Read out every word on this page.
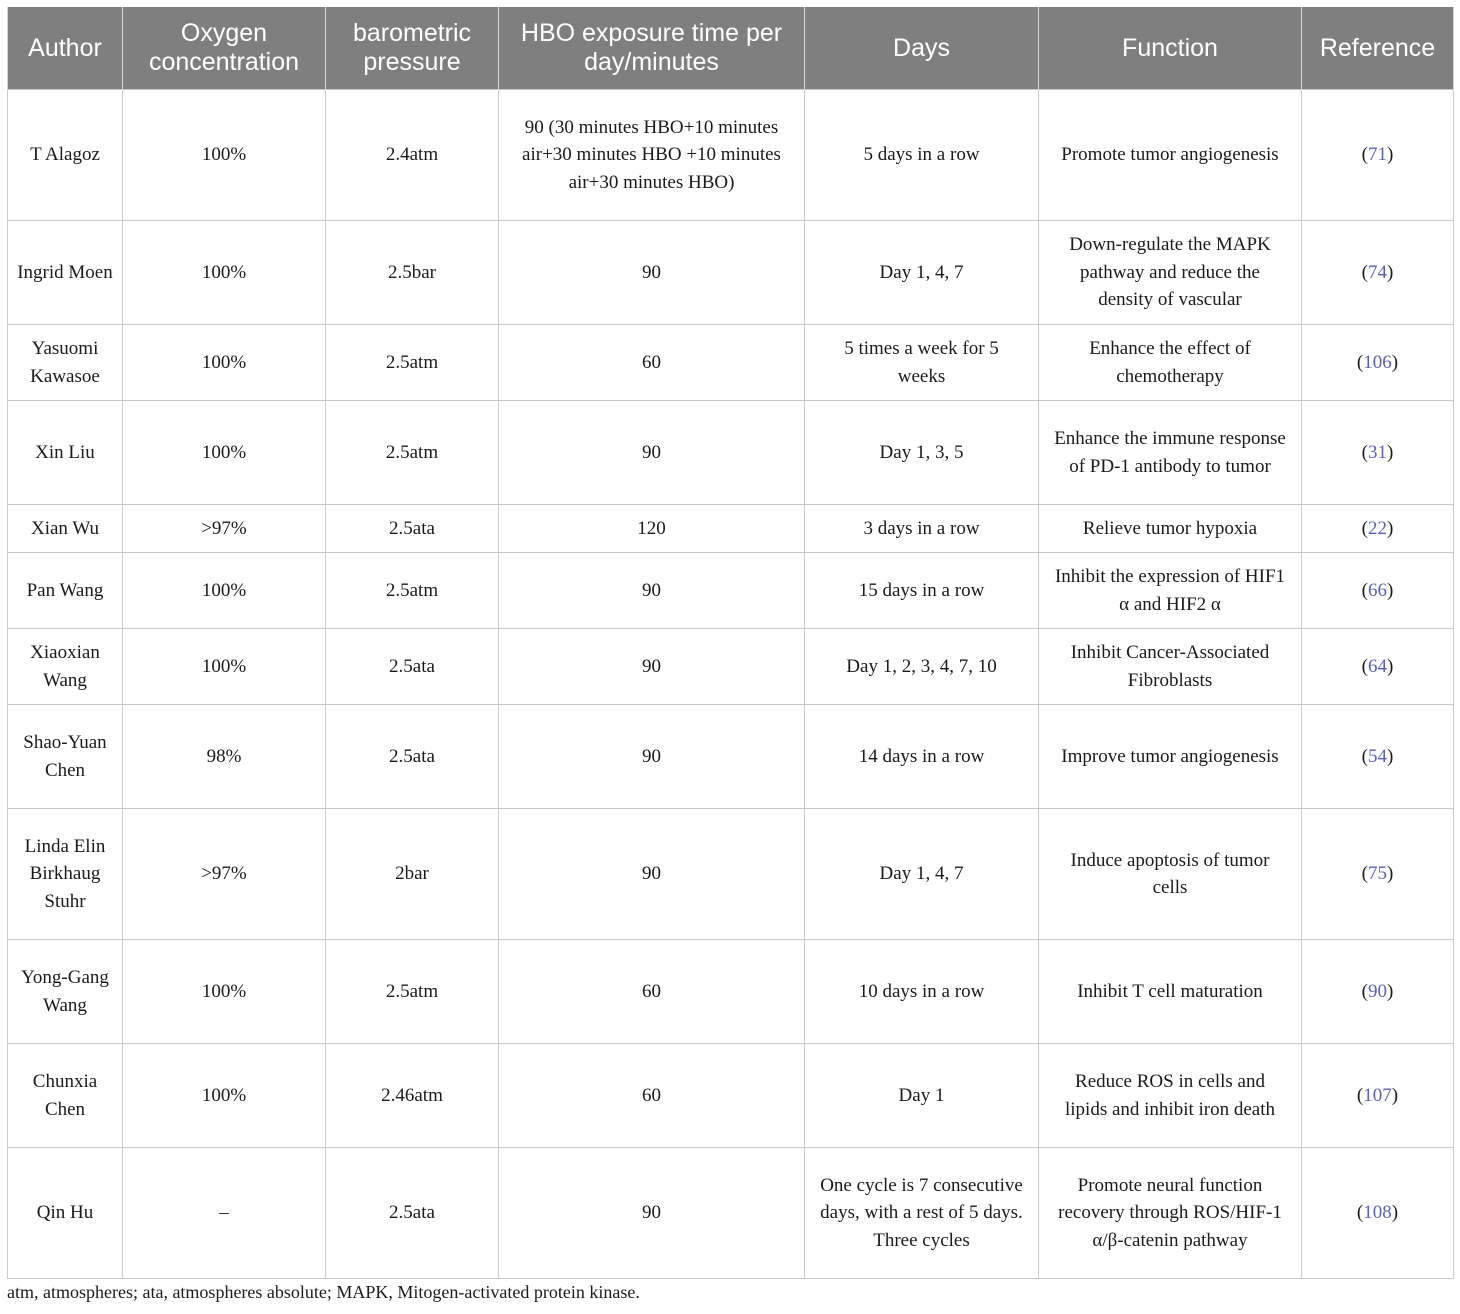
Author	Oxygen concentration	barometric pressure	HBO exposure time per day/minutes	Days	Function	Reference
T Alagoz	100%	2.4atm	90 (30 minutes HBO+10 minutes air+30 minutes HBO +10 minutes air+30 minutes HBO)	5 days in a row	Promote tumor angiogenesis	(71)
Ingrid Moen	100%	2.5bar	90	Day 1, 4, 7	Down-regulate the MAPK pathway and reduce the density of vascular	(74)
Yasuomi Kawasoe	100%	2.5atm	60	5 times a week for 5 weeks	Enhance the effect of chemotherapy	(106)
Xin Liu	100%	2.5atm	90	Day 1, 3, 5	Enhance the immune response of PD-1 antibody to tumor	(31)
Xian Wu	>97%	2.5ata	120	3 days in a row	Relieve tumor hypoxia	(22)
Pan Wang	100%	2.5atm	90	15 days in a row	Inhibit the expression of HIF1 α and HIF2 α	(66)
Xiaoxian Wang	100%	2.5ata	90	Day 1, 2, 3, 4, 7, 10	Inhibit Cancer-Associated Fibroblasts	(64)
Shao-Yuan Chen	98%	2.5ata	90	14 days in a row	Improve tumor angiogenesis	(54)
Linda Elin Birkhaug Stuhr	>97%	2bar	90	Day 1, 4, 7	Induce apoptosis of tumor cells	(75)
Yong-Gang Wang	100%	2.5atm	60	10 days in a row	Inhibit T cell maturation	(90)
Chunxia Chen	100%	2.46atm	60	Day 1	Reduce ROS in cells and lipids and inhibit iron death	(107)
Qin Hu	–	2.5ata	90	One cycle is 7 consecutive days, with a rest of 5 days. Three cycles	Promote neural function recovery through ROS/HIF-1 α/β-catenin pathway	(108)
atm, atmospheres; ata, atmospheres absolute; MAPK, Mitogen-activated protein kinase.
